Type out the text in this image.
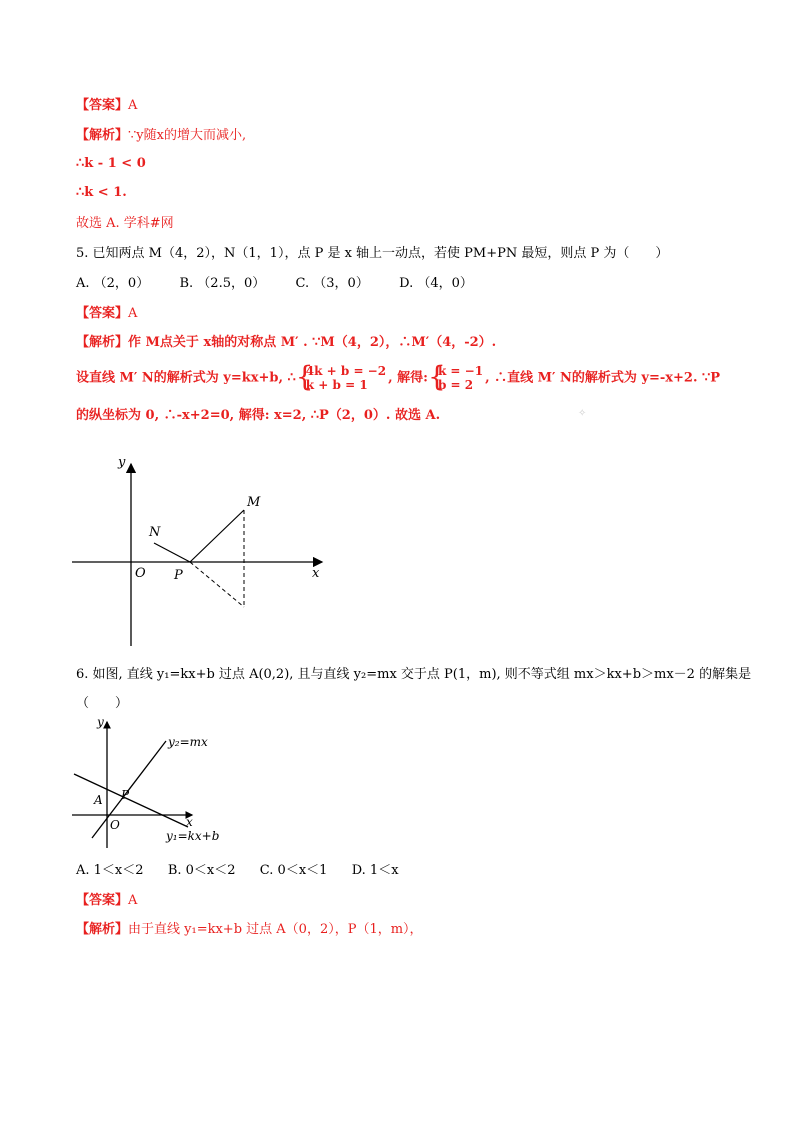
【答案】A
【解析】∵y随x的增大而减小,
∴k - 1 < 0
∴k < 1.
故选 A. 学科#网
5. 已知两点 M（4，2），N（1，1），点 P 是 x 轴上一动点，若使 PM+PN 最短，则点 P 为（　　）
A. （2，0） B. （2.5，0） C. （3，0） D. （4，0）
【答案】A
【解析】作 M点关于 x轴的对称点 M′ . ∵M（4，2），∴M′（4，-2）.
设直线 M′ N的解析式为 y=kx+b, ∴ { 4k + b = −2
k + b = 1	, 解得: { k = −1
b = 2 , ∴直线 M′ N的解析式为 y=-x+2. ∵P
的纵坐标为 0, ∴-x+2=0, 解得: x=2, ∴P（2，0）. 故选 A.	✧
y
x
O
N
P
M
6. 如图, 直线 y₁=kx+b 过点 A(0,2), 且与直线 y₂=mx 交于点 P(1，m), 则不等式组 mx＞kx+b＞mx－2 的解集是
（　　）
y
x
O
A P
y₂=mx
y₁=kx+b
A. 1＜x＜2 B. 0＜x＜2 C. 0＜x＜1 D. 1＜x
【答案】A
【解析】由于直线 y₁=kx+b 过点 A（0，2），P（1，m），
